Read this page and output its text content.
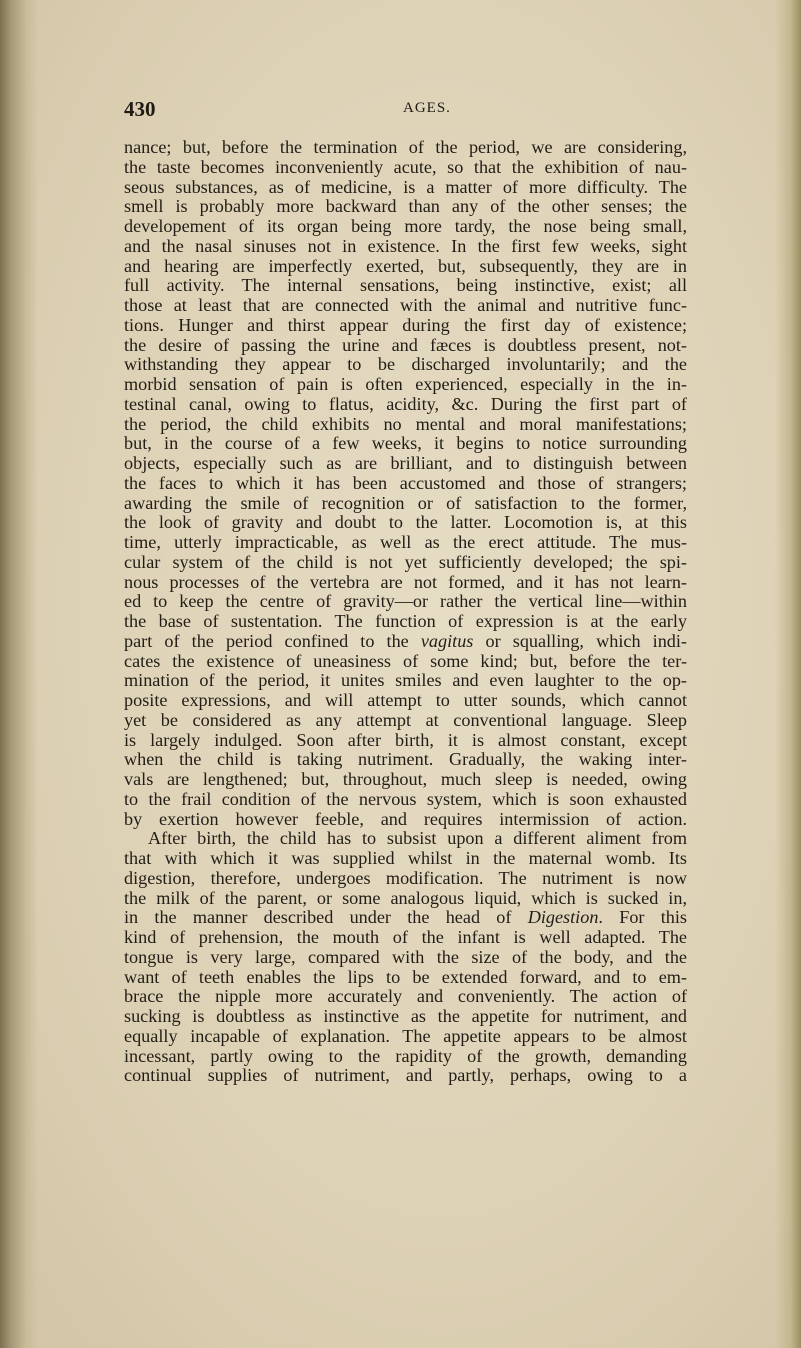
430	AGES.
nance; but, before the termination of the period, we are considering,
the taste becomes inconveniently acute, so that the exhibition of nau-
seous substances, as of medicine, is a matter of more difficulty. The
smell is probably more backward than any of the other senses; the
developement of its organ being more tardy, the nose being small,
and the nasal sinuses not in existence. In the first few weeks, sight
and hearing are imperfectly exerted, but, subsequently, they are in
full activity. The internal sensations, being instinctive, exist; all
those at least that are connected with the animal and nutritive func-
tions. Hunger and thirst appear during the first day of existence;
the desire of passing the urine and fæces is doubtless present, not-
withstanding they appear to be discharged involuntarily; and the
morbid sensation of pain is often experienced, especially in the in-
testinal canal, owing to flatus, acidity, &c. During the first part of
the period, the child exhibits no mental and moral manifestations;
but, in the course of a few weeks, it begins to notice surrounding
objects, especially such as are brilliant, and to distinguish between
the faces to which it has been accustomed and those of strangers;
awarding the smile of recognition or of satisfaction to the former,
the look of gravity and doubt to the latter. Locomotion is, at this
time, utterly impracticable, as well as the erect attitude. The mus-
cular system of the child is not yet sufficiently developed; the spi-
nous processes of the vertebra are not formed, and it has not learn-
ed to keep the centre of gravity—or rather the vertical line—within
the base of sustentation. The function of expression is at the early
part of the period confined to the vagitus or squalling, which indi-
cates the existence of uneasiness of some kind; but, before the ter-
mination of the period, it unites smiles and even laughter to the op-
posite expressions, and will attempt to utter sounds, which cannot
yet be considered as any attempt at conventional language. Sleep
is largely indulged. Soon after birth, it is almost constant, except
when the child is taking nutriment. Gradually, the waking inter-
vals are lengthened; but, throughout, much sleep is needed, owing
to the frail condition of the nervous system, which is soon exhausted
by exertion however feeble, and requires intermission of action.
After birth, the child has to subsist upon a different aliment from
that with which it was supplied whilst in the maternal womb. Its
digestion, therefore, undergoes modification. The nutriment is now
the milk of the parent, or some analogous liquid, which is sucked in,
in the manner described under the head of Digestion. For this
kind of prehension, the mouth of the infant is well adapted. The
tongue is very large, compared with the size of the body, and the
want of teeth enables the lips to be extended forward, and to em-
brace the nipple more accurately and conveniently. The action of
sucking is doubtless as instinctive as the appetite for nutriment, and
equally incapable of explanation. The appetite appears to be almost
incessant, partly owing to the rapidity of the growth, demanding
continual supplies of nutriment, and partly, perhaps, owing to a
